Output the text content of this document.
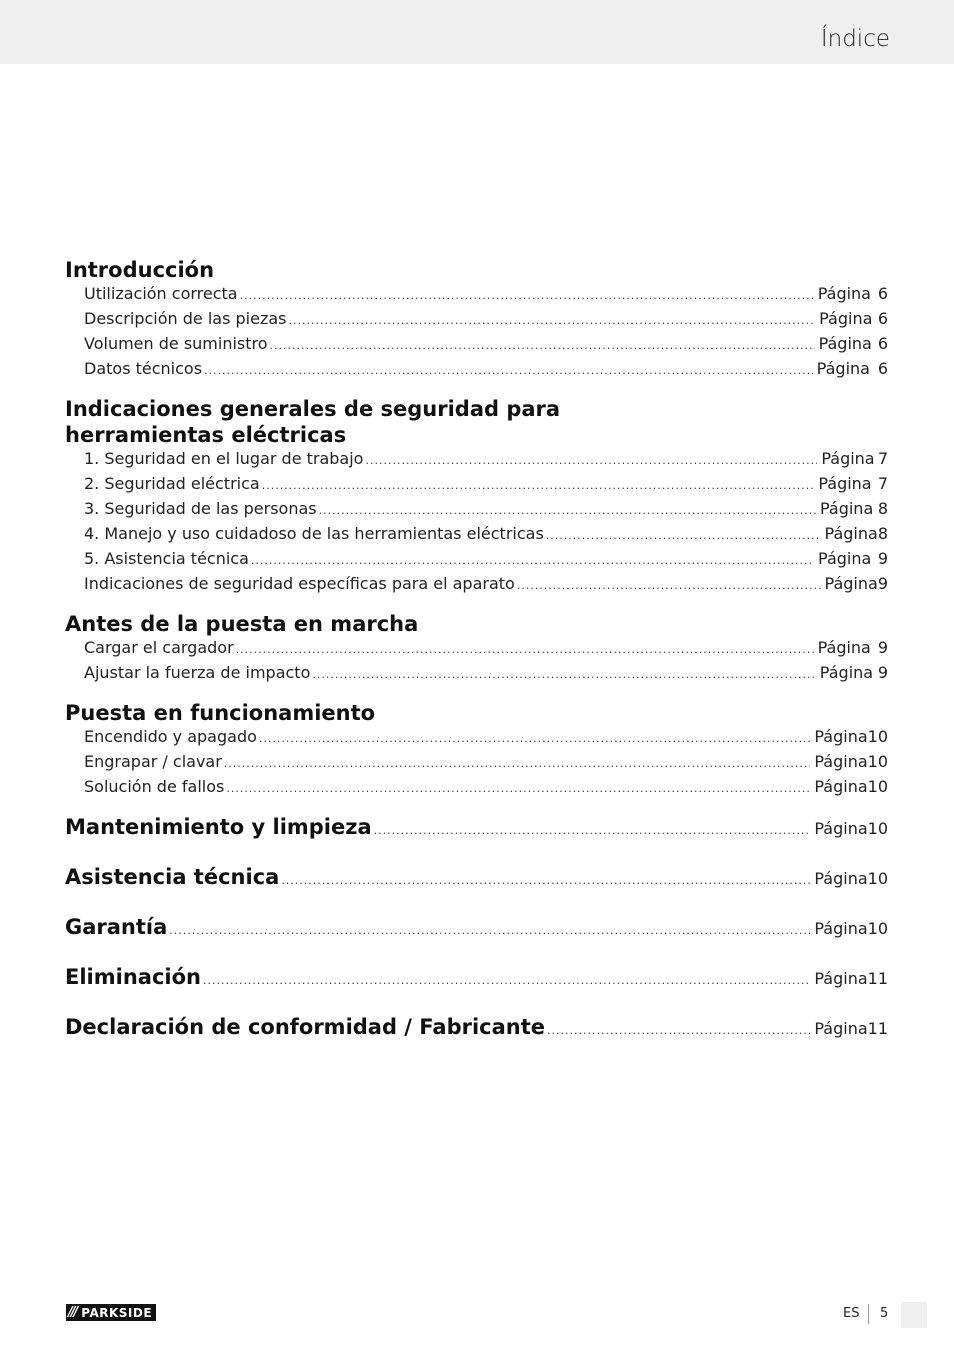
Índice
Introducción
Utilización correcta .....	Página 6
Descripción de las piezas .....	Página 6
Volumen de suministro .....	Página 6
Datos técnicos .....	Página 6
Indicaciones generales de seguridad para
herramientas eléctricas
1. Seguridad en el lugar de trabajo .....	Página 7
2. Seguridad eléctrica .....	Página 7
3. Seguridad de las personas .....	Página 8
4. Manejo y uso cuidadoso de las herramientas eléctricas .....	Página 8
5. Asistencia técnica .....	Página 9
Indicaciones de seguridad específicas para el aparato .....	Página 9
Antes de la puesta en marcha
Cargar el cargador .....	Página 9
Ajustar la fuerza de impacto .....	Página 9
Puesta en funcionamiento
Encendido y apagado .....	Página 10
Engrapar / clavar .....	Página 10
Solución de fallos .....	Página 10
Mantenimiento y limpieza .....	Página 10
Asistencia técnica .....	Página 10
Garantía .....	Página 10
Eliminación .....	Página 11
Declaración de conformidad / Fabricante .....	Página 11
/// PARKSIDE	ES 5
